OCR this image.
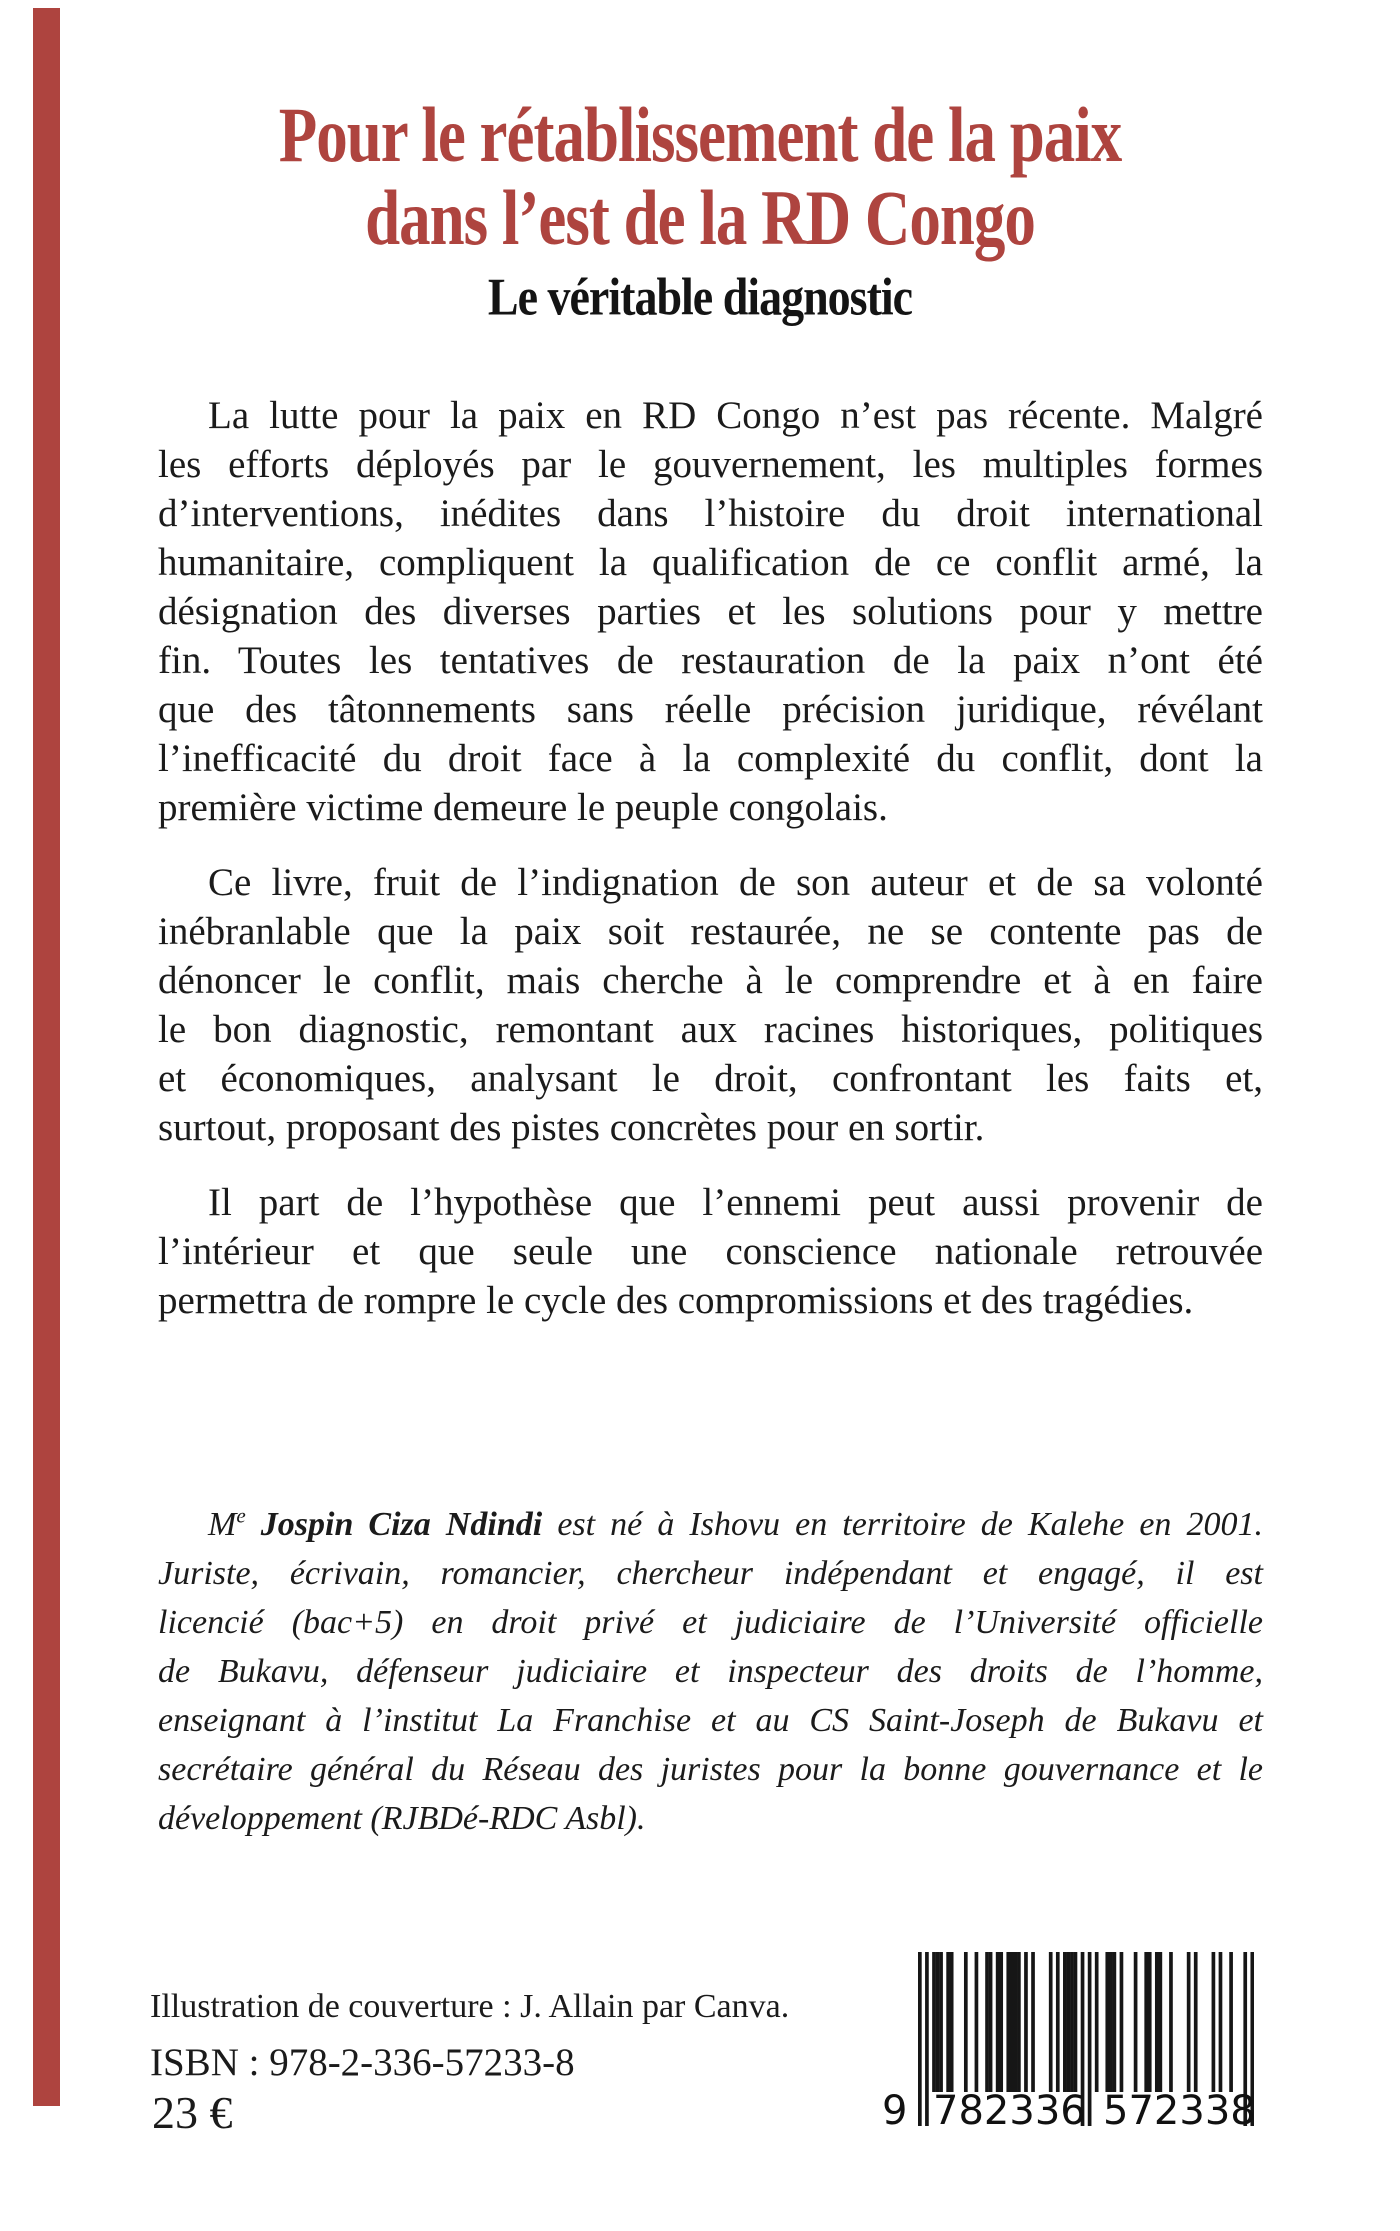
Pour le rétablissement de la paix
dans l’est de la RD Congo
Le véritable diagnostic
La lutte pour la paix en RD Congo n’est pas récente. Malgré
les efforts déployés par le gouvernement, les multiples formes
d’interventions, inédites dans l’histoire du droit international
humanitaire, compliquent la qualification de ce conflit armé, la
désignation des diverses parties et les solutions pour y mettre
fin. Toutes les tentatives de restauration de la paix n’ont été
que des tâtonnements sans réelle précision juridique, révélant
l’inefficacité du droit face à la complexité du conflit, dont la
première victime demeure le peuple congolais.
Ce livre, fruit de l’indignation de son auteur et de sa volonté
inébranlable que la paix soit restaurée, ne se contente pas de
dénoncer le conflit, mais cherche à le comprendre et à en faire
le bon diagnostic, remontant aux racines historiques, politiques
et économiques, analysant le droit, confrontant les faits et,
surtout, proposant des pistes concrètes pour en sortir.
Il part de l’hypothèse que l’ennemi peut aussi provenir de
l’intérieur et que seule une conscience nationale retrouvée
permettra de rompre le cycle des compromissions et des tragédies.
Me Jospin Ciza Ndindi est né à Ishovu en territoire de Kalehe en 2001.
Juriste, écrivain, romancier, chercheur indépendant et engagé, il est
licencié (bac+5) en droit privé et judiciaire de l’Université officielle
de Bukavu, défenseur judiciaire et inspecteur des droits de l’homme,
enseignant à l’institut La Franchise et au CS Saint-Joseph de Bukavu et
secrétaire général du Réseau des juristes pour la bonne gouvernance et le
développement (RJBDé-RDC Asbl).
Illustration de couverture : J. Allain par Canva.
ISBN : 978-2-336-57233-8
23 €	9 7 8 2 3 3 6 5 7 2 3 3 8
